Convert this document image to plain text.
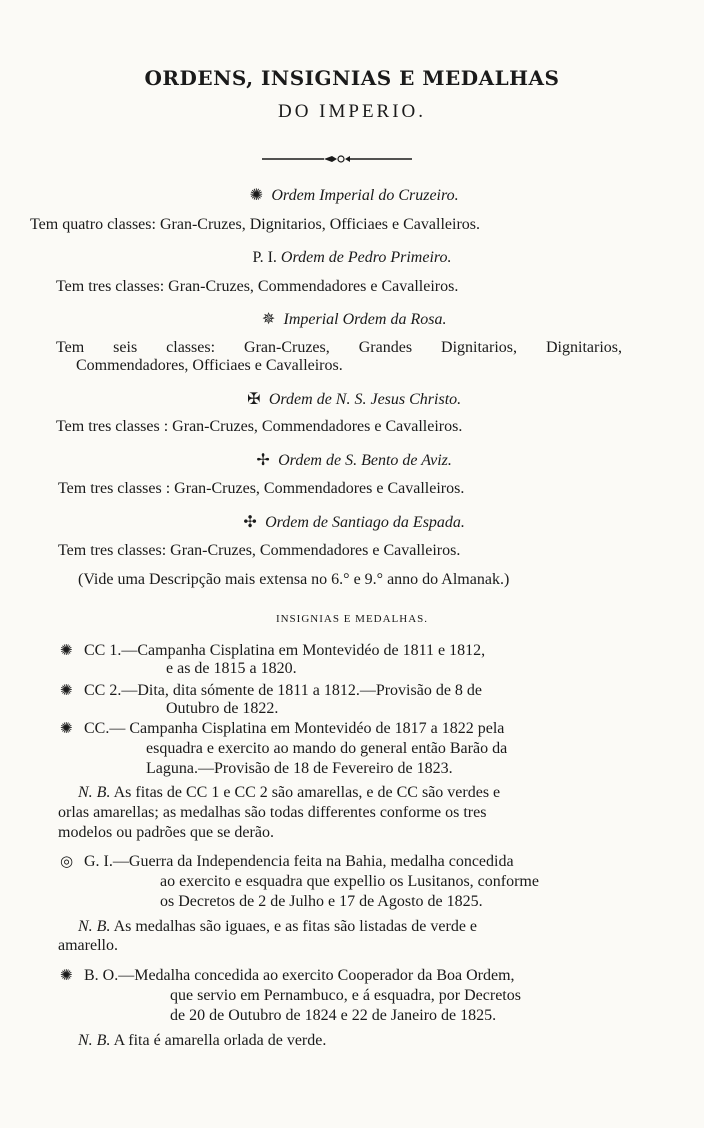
ORDENS, INSIGNIAS E MEDALHAS
DO IMPERIO.
✺ Ordem Imperial do Cruzeiro.
Tem quatro classes: Gran-Cruzes, Dignitarios, Officiaes e Cavalleiros.
P. I. Ordem de Pedro Primeiro.
Tem tres classes: Gran-Cruzes, Commendadores e Cavalleiros.
✵ Imperial Ordem da Rosa.
Tem seis classes: Gran-Cruzes, Grandes Dignitarios, Dignitarios,
Commendadores, Officiaes e Cavalleiros.
✠ Ordem de N. S. Jesus Christo.
Tem tres classes : Gran-Cruzes, Commendadores e Cavalleiros.
✢ Ordem de S. Bento de Aviz.
Tem tres classes : Gran-Cruzes, Commendadores e Cavalleiros.
✣ Ordem de Santiago da Espada.
Tem tres classes: Gran-Cruzes, Commendadores e Cavalleiros.
(Vide uma Descripção mais extensa no 6.° e 9.° anno do Almanak.)
INSIGNIAS E MEDALHAS.
✺ CC 1.—Campanha Cisplatina em Montevidéo de 1811 e 1812,
e as de 1815 a 1820.
✺ CC 2.—Dita, dita sómente de 1811 a 1812.—Provisão de 8 de
Outubro de 1822.
✺ CC.— Campanha Cisplatina em Montevidéo de 1817 a 1822 pela
esquadra e exercito ao mando do general então Barão da
Laguna.—Provisão de 18 de Fevereiro de 1823.
N. B. As fitas de CC 1 e CC 2 são amarellas, e de CC são verdes e
orlas amarellas; as medalhas são todas differentes conforme os tres
modelos ou padrões que se derão.
◎ G. I.—Guerra da Independencia feita na Bahia, medalha concedida
ao exercito e esquadra que expellio os Lusitanos, conforme
os Decretos de 2 de Julho e 17 de Agosto de 1825.
N. B. As medalhas são iguaes, e as fitas são listadas de verde e
amarello.
✺ B. O.—Medalha concedida ao exercito Cooperador da Boa Ordem,
que servio em Pernambuco, e á esquadra, por Decretos
de 20 de Outubro de 1824 e 22 de Janeiro de 1825.
N. B. A fita é amarella orlada de verde.
